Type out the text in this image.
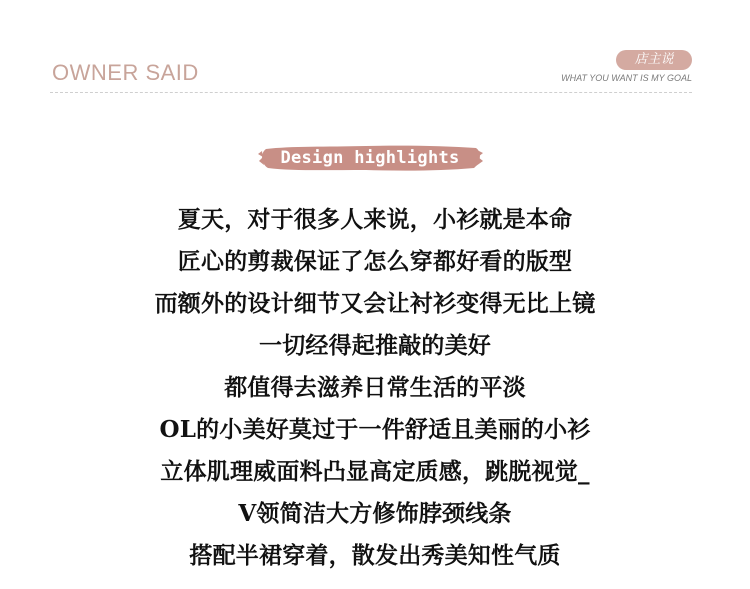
OWNER SAID
店主说
WHAT YOU WANT IS MY GOAL
Design highlights
夏天，对于很多人来说，小衫就是本命
匠心的剪裁保证了怎么穿都好看的版型
而额外的设计细节又会让衬衫变得无比上镜
一切经得起推敲的美好
都值得去滋养日常生活的平淡
OL的小美好莫过于一件舒适且美丽的小衫
立体肌理威面料凸显高定质感，跳脱视觉_
V领简洁大方修饰脖颈线条
搭配半裙穿着，散发出秀美知性气质
